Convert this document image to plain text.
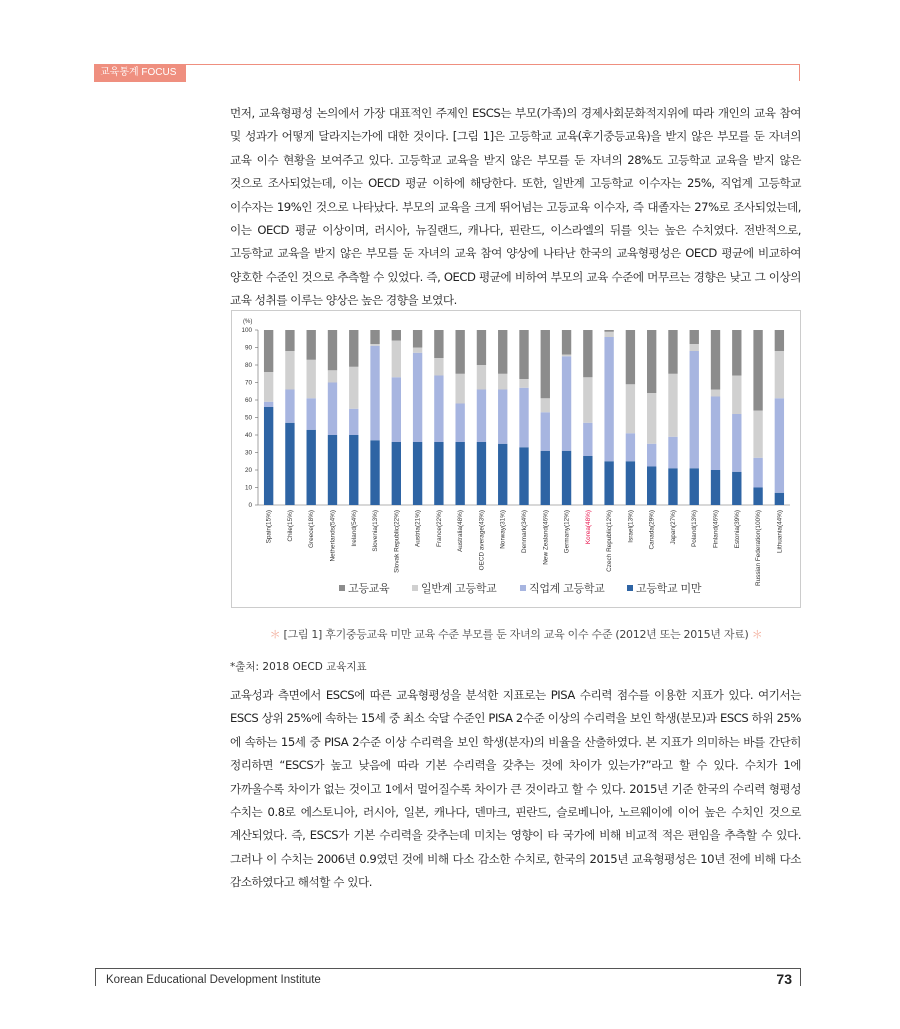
교육통계 FOCUS

먼저, 교육형평성 논의에서 가장 대표적인 주제인 ESCS는 부모(가족)의 경제사회문화적지위에 따라 개인의 교육 참여 및 성과가 어떻게 달라지는가에 대한 것이다. [그림 1]은 고등학교 교육(후기중등교육)을 받지 않은 부모를 둔 자녀의 교육 이수 현황을 보여주고 있다. 고등학교 교육을 받지 않은 부모를 둔 자녀의 28%도 고등학교 교육을 받지 않은 것으로 조사되었는데, 이는 OECD 평균 이하에 해당한다. 또한, 일반계 고등학교 이수자는 25%, 직업계 고등학교 이수자는 19%인 것으로 나타났다. 부모의 교육을 크게 뛰어넘는 고등교육 이수자, 즉 대졸자는 27%로 조사되었는데, 이는 OECD 평균 이상이며, 러시아, 뉴질랜드, 캐나다, 핀란드, 이스라엘의 뒤를 잇는 높은 수치였다. 전반적으로, 고등학교 교육을 받지 않은 부모를 둔 자녀의 교육 참여 양상에 나타난 한국의 교육형평성은 OECD 평균에 비교하여 양호한 수준인 것으로 추측할 수 있었다. 즉, OECD 평균에 비하여 부모의 교육 수준에 머무르는 경향은 낮고 그 이상의 교육 성취를 이루는 양상은 높은 경향을 보였다.

(%)
0
10
20
30
40
50
60
70
80
90
100
Spain(15%) Chile(15%) Greece(18%) Netherlands(54%) Ireland(54%) Slovenia(13%) Slovak Republic(22%) Austria(21%) France(22%) Australia(48%) OECD average(43%) Norway(31%) Denmark(34%) New Zealand(46%) Germany(12%) Korea(48%) Czech Republic(12%) Israel(13%) Canada(29%) Japan(27%) Poland(13%) Finland(46%) Estonia(39%) Russian Federation(100%) Lithuania(44%)
고등교육	일반계 고등학교	직업계 고등학교	고등학교 미만
＊ [그림 1] 후기중등교육 미만 교육 수준 부모를 둔 자녀의 교육 이수 수준 (2012년 또는 2015년 자료) ＊
*출처: 2018 OECD 교육지표

교육성과 측면에서 ESCS에 따른 교육형평성을 분석한 지표로는 PISA 수리력 점수를 이용한 지표가 있다. 여기서는 ESCS 상위 25%에 속하는 15세 중 최소 숙달 수준인 PISA 2수준 이상의 수리력을 보인 학생(분모)과 ESCS 하위 25%에 속하는 15세 중 PISA 2수준 이상 수리력을 보인 학생(분자)의 비율을 산출하였다. 본 지표가 의미하는 바를 간단히 정리하면 “ESCS가 높고 낮음에 따라 기본 수리력을 갖추는 것에 차이가 있는가?”라고 할 수 있다. 수치가 1에 가까울수록 차이가 없는 것이고 1에서 멀어질수록 차이가 큰 것이라고 할 수 있다. 2015년 기준 한국의 수리력 형평성 수치는 0.8로 에스토니아, 러시아, 일본, 캐나다, 덴마크, 핀란드, 슬로베니아, 노르웨이에 이어 높은 수치인 것으로 계산되었다. 즉, ESCS가 기본 수리력을 갖추는데 미치는 영향이 타 국가에 비해 비교적 적은 편임을 추측할 수 있다. 그러나 이 수치는 2006년 0.9였던 것에 비해 다소 감소한 수치로, 한국의 2015년 교육형평성은 10년 전에 비해 다소 감소하였다고 해석할 수 있다.

Korean Educational Development Institute	73
